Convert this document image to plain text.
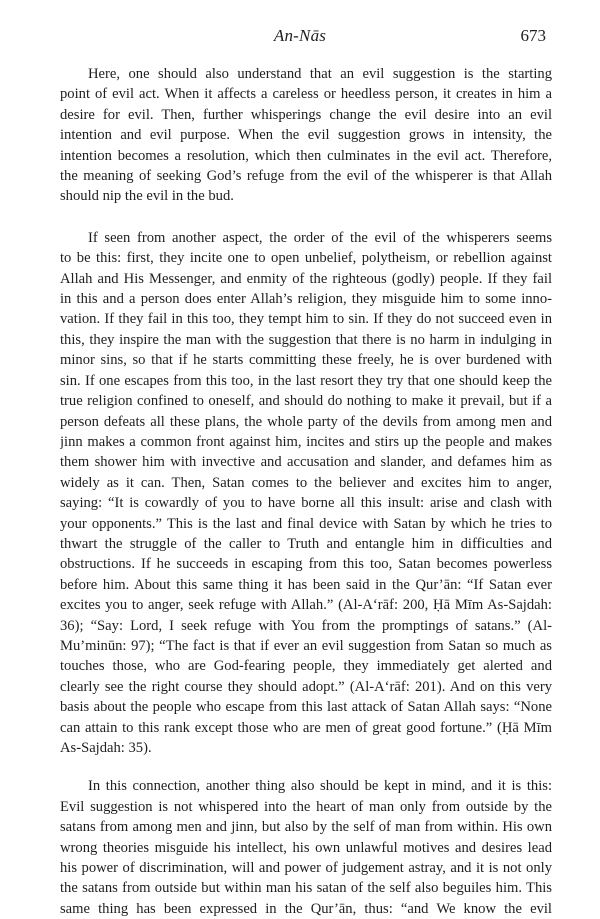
An-Nās	673

Here, one should also understand that an evil suggestion is the starting

point of evil act. When it affects a careless or heedless person, it creates in him a

desire for evil. Then, further whisperings change the evil desire into an evil

intention and evil purpose. When the evil suggestion grows in intensity, the

intention becomes a resolution, which then culminates in the evil act. Therefore,

the meaning of seeking God’s refuge from the evil of the whisperer is that Allah

should nip the evil in the bud.

If seen from another aspect, the order of the evil of the whisperers seems

to be this: first, they incite one to open unbelief, polytheism, or rebellion against

Allah and His Messenger, and enmity of the righteous (godly) people. If they fail

in this and a person does enter Allah’s religion, they misguide him to some inno-

vation. If they fail in this too, they tempt him to sin. If they do not succeed even in

this, they inspire the man with the suggestion that there is no harm in indulging in

minor sins, so that if he starts committing these freely, he is over burdened with

sin. If one escapes from this too, in the last resort they try that one should keep the

true religion confined to oneself, and should do nothing to make it prevail, but if a

person defeats all these plans, the whole party of the devils from among men and

jinn makes a common front against him, incites and stirs up the people and makes

them shower him with invective and accusation and slander, and defames him as

widely as it can. Then, Satan comes to the believer and excites him to anger,

saying: “It is cowardly of you to have borne all this insult: arise and clash with

your opponents.” This is the last and final device with Satan by which he tries to

thwart the struggle of the caller to Truth and entangle him in difficulties and

obstructions. If he succeeds in escaping from this too, Satan becomes powerless

before him. About this same thing it has been said in the Qur’ān: “If Satan ever

excites you to anger, seek refuge with Allah.” (Al-A‘rāf: 200, Ḥā Mīm As-Sajdah:

36); “Say: Lord, I seek refuge with You from the promptings of satans.” (Al-

Mu’minūn: 97); “The fact is that if ever an evil suggestion from Satan so much as

touches those, who are God-fearing people, they immediately get alerted and

clearly see the right course they should adopt.” (Al-A‘rāf: 201). And on this very

basis about the people who escape from this last attack of Satan Allah says: “None

can attain to this rank except those who are men of great good fortune.” (Ḥā Mīm

As-Sajdah: 35).

In this connection, another thing also should be kept in mind, and it is this:

Evil suggestion is not whispered into the heart of man only from outside by the

satans from among men and jinn, but also by the self of man from within. His own

wrong theories misguide his intellect, his own unlawful motives and desires lead

his power of discrimination, will and power of judgement astray, and it is not only

the satans from outside but within man his satan of the self also beguiles him. This

same thing has been expressed in the Qur’ān, thus: “and We know the evil
